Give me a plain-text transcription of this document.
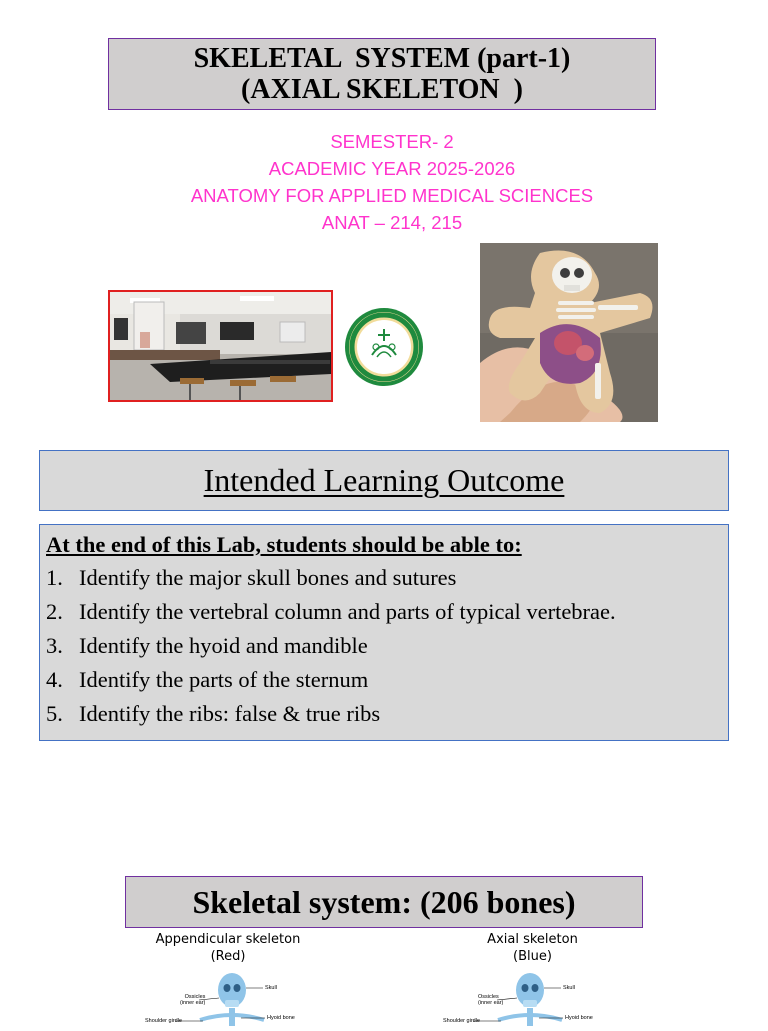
SKELETAL  SYSTEM (part-1)
(AXIAL SKELETON  )
SEMESTER- 2
ACADEMIC YEAR 2025-2026
ANATOMY FOR APPLIED MEDICAL SCIENCES
ANAT – 214, 215
Intended Learning Outcome
At the end of this Lab, students should be able to:
1. Identify the major skull bones and sutures
2. Identify the vertebral column and parts of typical vertebrae.
3. Identify the hyoid and mandible
4. Identify the parts of the sternum
5. Identify the ribs: false & true ribs
Skeletal system: (206 bones)
Appendicular skeleton
(Red)
Axial skeleton
(Blue)
Skull
Ossicles
(inner ear)
Hyoid bone
Shoulder girdle
Skull
Ossicles
(inner ear)
Hyoid bone
Shoulder girdle
